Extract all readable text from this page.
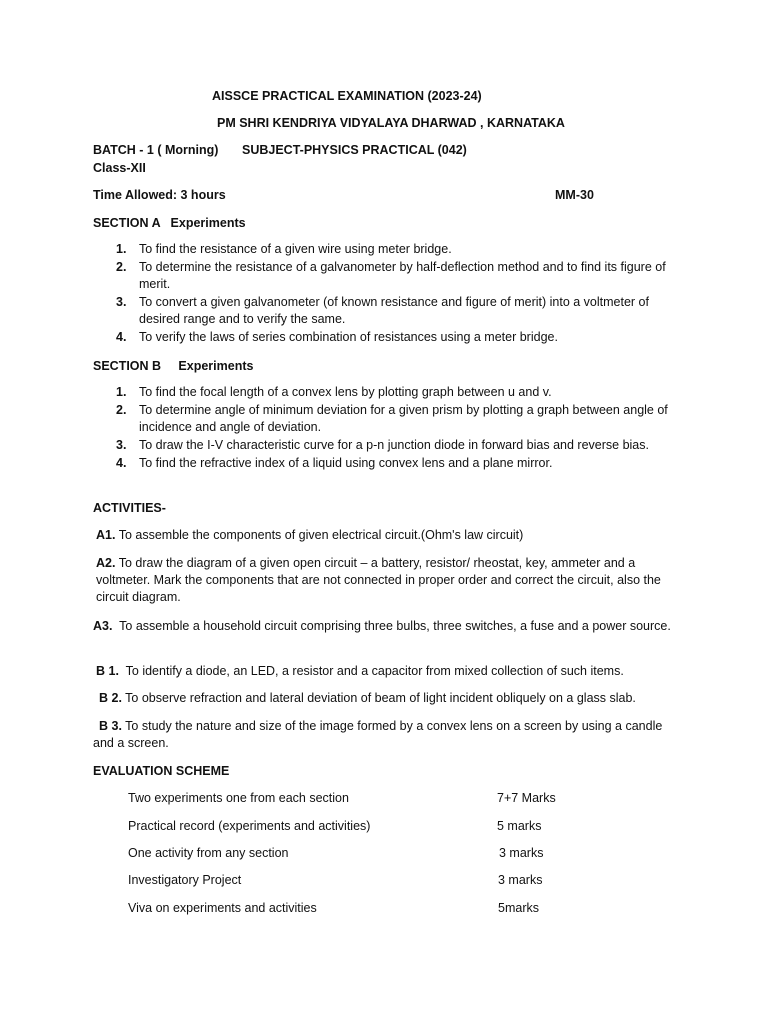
AISSCE PRACTICAL EXAMINATION (2023-24)
PM SHRI KENDRIYA VIDYALAYA DHARWAD , KARNATAKA
BATCH - 1 ( Morning) SUBJECT-PHYSICS PRACTICAL (042)
Class-XII
Time Allowed: 3 hours	MM-30
SECTION A   Experiments
1. To find the resistance of a given wire using meter bridge.
2. To determine the resistance of a galvanometer by half-deflection method and to find its figure of merit.
3. To convert a given galvanometer (of known resistance and figure of merit) into a voltmeter of desired range and to verify the same.
4. To verify the laws of series combination of resistances using a meter bridge.
SECTION B     Experiments
1. To find the focal length of a convex lens by plotting graph between u and v.
2. To determine angle of minimum deviation for a given prism by plotting a graph between angle of incidence and angle of deviation.
3. To draw the I-V characteristic curve for a p-n junction diode in forward bias and reverse bias.
4. To find the refractive index of a liquid using convex lens and a plane mirror.
ACTIVITIES-
A1. To assemble the components of given electrical circuit.(Ohm's law circuit)
A2. To draw the diagram of a given open circuit – a battery, resistor/ rheostat, key, ammeter and a voltmeter. Mark the components that are not connected in proper order and correct the circuit, also the circuit diagram.
A3.  To assemble a household circuit comprising three bulbs, three switches, a fuse and a power source.
B 1.  To identify a diode, an LED, a resistor and a capacitor from mixed collection of such items.
B 2. To observe refraction and lateral deviation of beam of light incident obliquely on a glass slab.
B 3. To study the nature and size of the image formed by a convex lens on a screen by using a candle and a screen.
EVALUATION SCHEME
Two experiments one from each section	7+7 Marks
Practical record (experiments and activities)	5 marks
One activity from any section	3 marks
Investigatory Project	3 marks
Viva on experiments and activities	5marks
